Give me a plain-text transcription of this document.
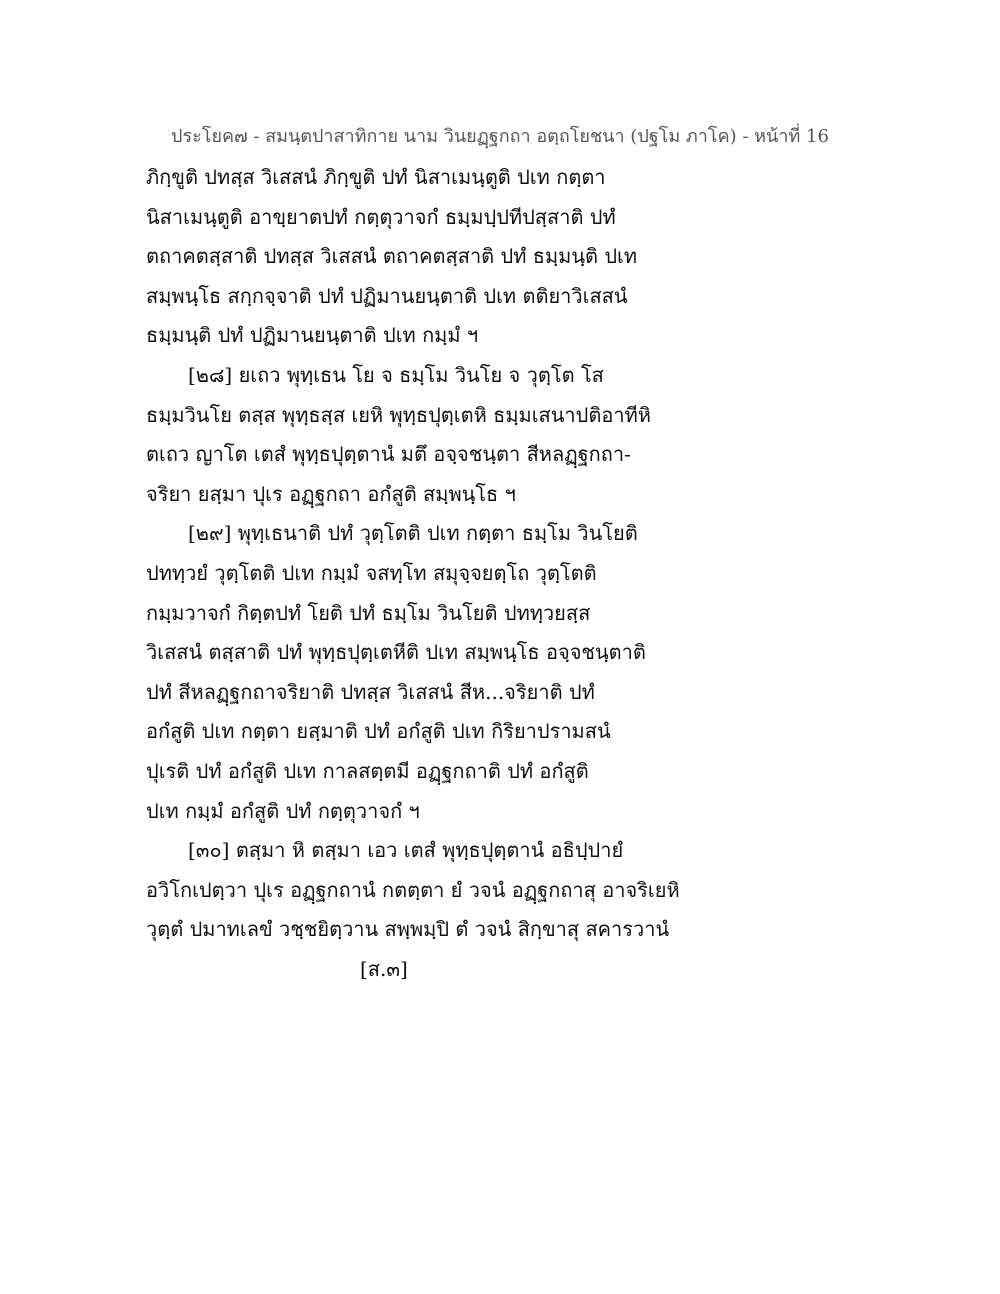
ประโยค๗ - สมนฺตปาสาทิกาย นาม วินยฏฺฐกถา อตฺถโยชนา (ปฐโม ภาโค) - หน้าที่ 16
ภิกฺขูติ ปทสฺส วิเสสนํ ภิกฺขูติ ปทํ นิสาเมนฺตูติ ปเท กตฺตา
นิสาเมนฺตูติ อาขฺยาตปทํ กตฺตุวาจกํ ธมฺมปฺปทีปสฺสาติ ปทํ
ตถาคตสฺสาติ ปทสฺส วิเสสนํ ตถาคตสฺสาติ ปทํ ธมฺมนฺติ ปเท
สมฺพนฺโธ สกฺกจฺจาติ ปทํ ปฏิมานยนฺตาติ ปเท ตติยาวิเสสนํ
ธมฺมนฺติ ปทํ ปฏิมานยนฺตาติ ปเท กมฺมํ ฯ
[๒๘] ยเถว พุทฺเธน โย จ ธมฺโม วินโย จ วุตฺโต โส
ธมฺมวินโย ตสฺส พุทฺธสฺส เยหิ พุทฺธปุตฺเตหิ ธมฺมเสนาปติอาทีหิ
ตเถว ญาโต เตสํ พุทฺธปุตฺตานํ มตึ อจฺจชนฺตา สีหลฏฺฐกถา-
จริยา ยสฺมา ปุเร อฏฺฐกถา อกํสูติ สมฺพนฺโธ ฯ
[๒๙] พุทฺเธนาติ ปทํ วุตฺโตติ ปเท กตฺตา ธมฺโม วินโยติ
ปททฺวยํ วุตฺโตติ ปเท กมฺมํ จสทฺโท สมุจฺจยตฺโถ วุตฺโตติ
กมฺมวาจกํ กิตฺตปทํ โยติ ปทํ ธมฺโม วินโยติ ปททฺวยสฺส
วิเสสนํ ตสฺสาติ ปทํ พุทฺธปุตฺเตหีติ ปเท สมฺพนฺโธ อจฺจชนฺตาติ
ปทํ สีหลฏฺฐกถาจริยาติ ปทสฺส วิเสสนํ สีห...จริยาติ ปทํ
อกํสูติ ปเท กตฺตา ยสฺมาติ ปทํ อกํสูติ ปเท กิริยาปรามสนํ
ปุเรติ ปทํ อกํสูติ ปเท กาลสตฺตมี อฏฺฐกถาติ ปทํ อกํสูติ
ปเท กมฺมํ อกํสูติ ปทํ กตฺตุวาจกํ ฯ
[๓๐] ตสฺมา หิ ตสฺมา เอว เตสํ พุทฺธปุตฺตานํ อธิปฺปายํ
อวิโกเปตฺวา ปุเร อฏฺฐกถานํ กตตฺตา ยํ วจนํ อฏฺฐกถาสุ อาจริเยหิ
วุตฺตํ ปมาทเลขํ วชฺชยิตฺวาน สพฺพมฺปิ ตํ วจนํ สิกฺขาสุ สคารวานํ
[ส.๓]
